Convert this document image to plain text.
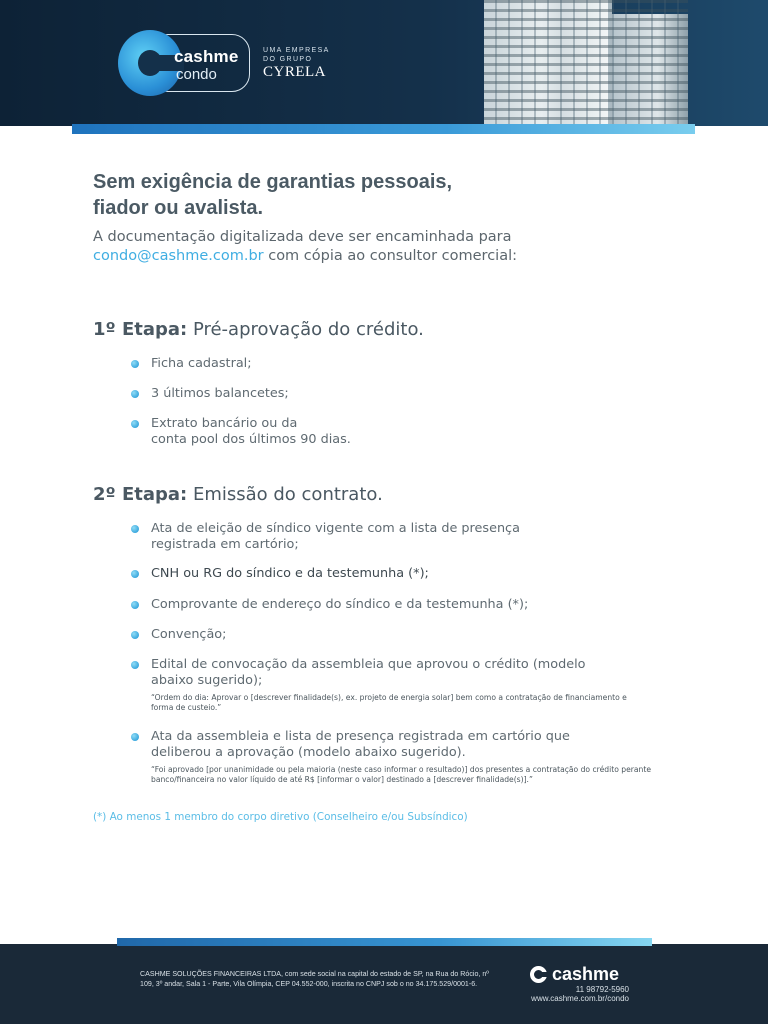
cashme
condo
UMA EMPRESA
DO GRUPO
CYRELA
Sem exigência de garantias pessoais,
fiador ou avalista.
A documentação digitalizada deve ser encaminhada para
condo@cashme.com.br com cópia ao consultor comercial:
1º Etapa: Pré-aprovação do crédito.
Ficha cadastral;
3 últimos balancetes;
Extrato bancário ou da
conta pool dos últimos 90 dias.
2º Etapa: Emissão do contrato.
Ata de eleição de síndico vigente com a lista de presença
registrada em cartório;
CNH ou RG do síndico e da testemunha (*);
Comprovante de endereço do síndico e da testemunha (*);
Convenção;
Edital de convocação da assembleia que aprovou o crédito (modelo
abaixo sugerido);
“Ordem do dia: Aprovar o [descrever finalidade(s), ex. projeto de energia solar] bem como a contratação de financiamento e forma de custeio.”
Ata da assembleia e lista de presença registrada em cartório que
deliberou a aprovação (modelo abaixo sugerido).
“Foi aprovado [por unanimidade ou pela maioria (neste caso informar o resultado)] dos presentes a contratação do crédito perante banco/financeira no valor líquido de até R$ [informar o valor] destinado a [descrever finalidade(s)].”
(*) Ao menos 1 membro do corpo diretivo (Conselheiro e/ou Subsíndico)
CASHME SOLUÇÕES FINANCEIRAS LTDA, com sede social na capital do estado de SP, na Rua do Rócio, nº 109, 3º andar, Sala 1 - Parte, Vila Olímpia, CEP 04.552-000, inscrita no CNPJ sob o no 34.175.529/0001-6.	cashme
11 98792-5960
www.cashme.com.br/condo
